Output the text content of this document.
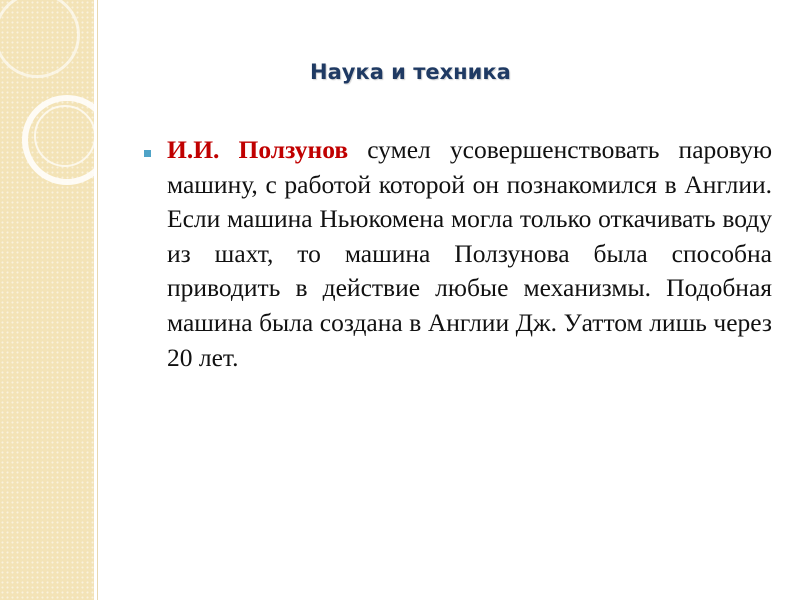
Наука и техника
И.И. Ползунов сумел усовершенствовать паровую машину, с работой которой он познакомился в Англии. Если машина Ньюкомена могла только откачивать воду из шахт, то машина Ползунова была способна приводить в действие любые механизмы. Подобная машина была создана в Англии Дж. Уаттом лишь через 20 лет.
